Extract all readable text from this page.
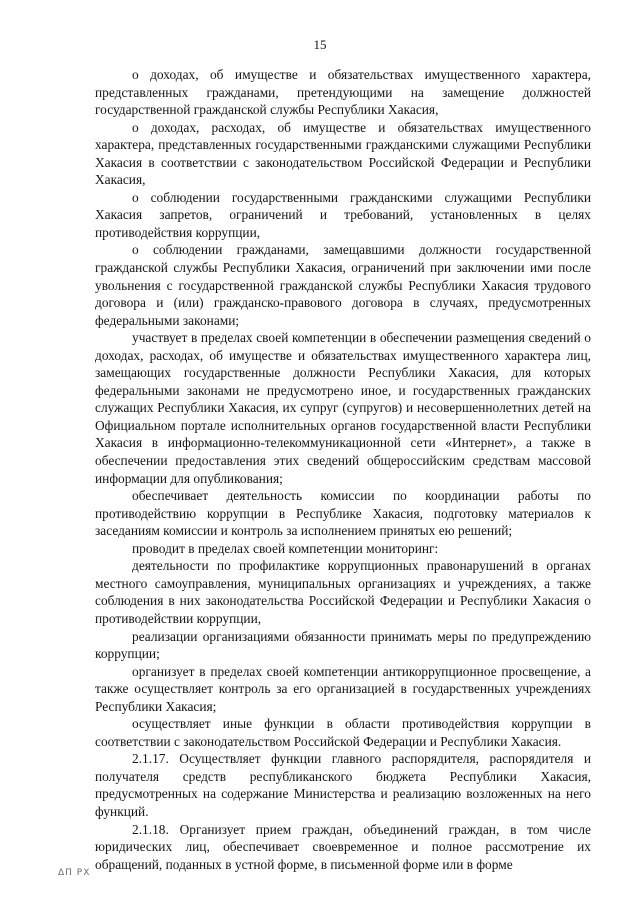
15

о доходах, об имуществе и обязательствах имущественного характера, представленных гражданами, претендующими на замещение должностей государственной гражданской службы Республики Хакасия,

о доходах, расходах, об имуществе и обязательствах имущественного характера, представленных государственными гражданскими служащими Республики Хакасия в соответствии с законодательством Российской Федерации и Республики Хакасия,

о соблюдении государственными гражданскими служащими Республики Хакасия запретов, ограничений и требований, установленных в целях противодействия коррупции,

о соблюдении гражданами, замещавшими должности государственной гражданской службы Республики Хакасия, ограничений при заключении ими после увольнения с государственной гражданской службы Республики Хакасия трудового договора и (или) гражданско-правового договора в случаях, предусмотренных федеральными законами;

участвует в пределах своей компетенции в обеспечении размещения сведений о доходах, расходах, об имуществе и обязательствах имущественного характера лиц, замещающих государственные должности Республики Хакасия, для которых федеральными законами не предусмотрено иное, и государственных гражданских служащих Республики Хакасия, их супруг (супругов) и несовершеннолетних детей на Официальном портале исполнительных органов государственной власти Республики Хакасия в информационно-телекоммуникационной сети «Интернет», а также в обеспечении предоставления этих сведений общероссийским средствам массовой информации для опубликования;

обеспечивает деятельность комиссии по координации работы по противодействию коррупции в Республике Хакасия, подготовку материалов к заседаниям комиссии и контроль за исполнением принятых ею решений;

проводит в пределах своей компетенции мониторинг:

деятельности по профилактике коррупционных правонарушений в органах местного самоуправления, муниципальных организациях и учреждениях, а также соблюдения в них законодательства Российской Федерации и Республики Хакасия о противодействии коррупции,

реализации организациями обязанности принимать меры по предупреждению коррупции;

организует в пределах своей компетенции антикоррупционное просвещение, а также осуществляет контроль за его организацией в государственных учреждениях Республики Хакасия;

осуществляет иные функции в области противодействия коррупции в соответствии с законодательством Российской Федерации и Республики Хакасия.

2.1.17. Осуществляет функции главного распорядителя, распорядителя и получателя средств республиканского бюджета Республики Хакасия, предусмотренных на содержание Министерства и реализацию возложенных на него функций.

2.1.18. Организует прием граждан, объединений граждан, в том числе юридических лиц, обеспечивает своевременное и полное рассмотрение их обращений, поданных в устной форме, в письменной форме или в форме

ΔΠ ΡΧ
